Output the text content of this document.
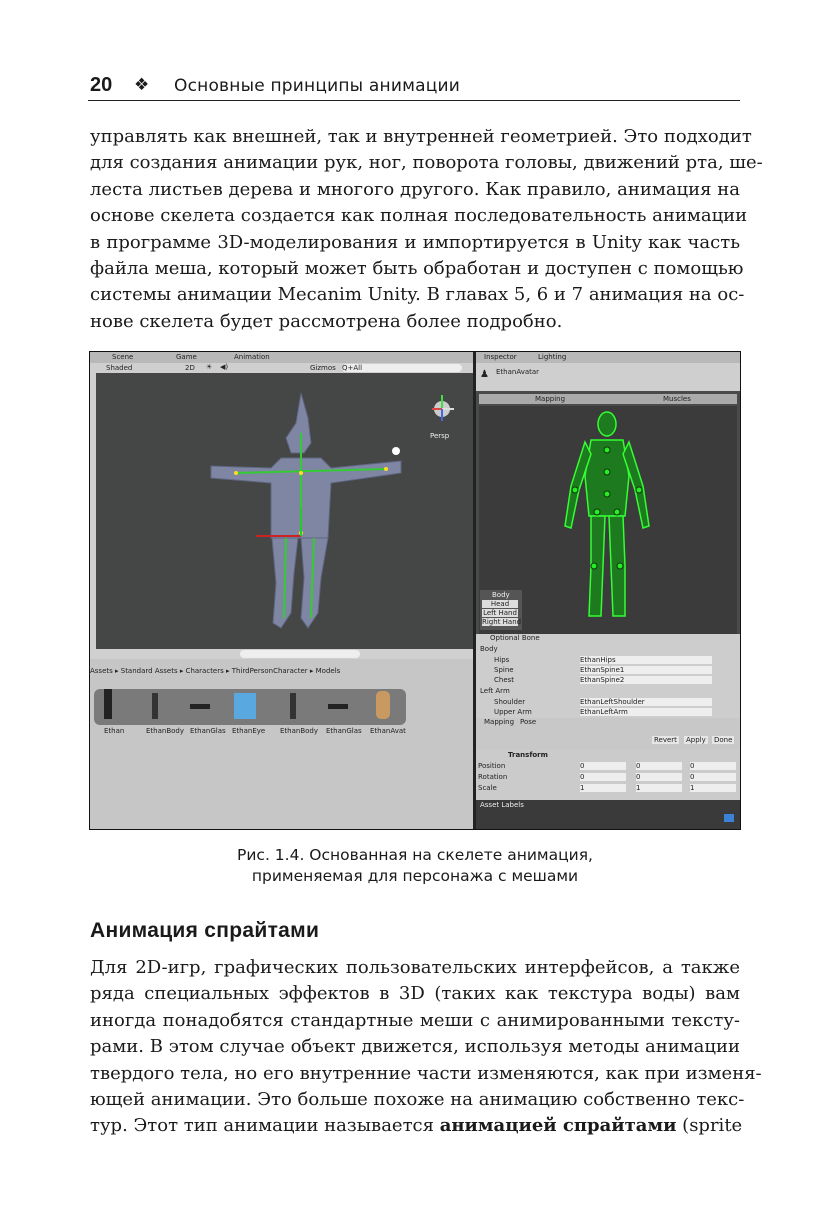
20 ❖ Основные принципы анимации
управлять как внешней, так и внутренней геометрией. Это подходит
для создания анимации рук, ног, поворота головы, движений рта, ше-
леста листьев дерева и многого другого. Как правило, анимация на
основе скелета создается как полная последовательность анимации
в программе 3D-моделирования и импортируется в Unity как часть
файла меша, который может быть обработан и доступен с помощью
системы анимации Mecanim Unity. В главах 5, 6 и 7 анимация на ос-
нове скелета будет рассмотрена более подробно.
Scene	Game	Animation
Shaded	2D ☀ ◀)	Gizmos Q+All
Persp
Assets ▸ Standard Assets ▸ Characters ▸ ThirdPersonCharacter ▸ Models
Ethan	EthanBody EthanGlas EthanEye EthanBody EthanGlas EthanAvat
Inspector	Lighting
♟ EthanAvatar
Mapping	Muscles
Body
Head
Left Hand
Right Hand
Optional Bone
Body
Hips	EthanHips
Spine	EthanSpine1
Chest	EthanSpine2
Left Arm
Shoulder	EthanLeftShoulder
Upper Arm	EthanLeftArm
Mapping Pose
Revert Apply Done
Transform
Position	0	0	0
Rotation	0	0	0
Scale	1	1	1
Asset Labels
Рис. 1.4. Основанная на скелете анимация,
применяемая для персонажа с мешами
Анимация спрайтами
Для 2D-игр, графических пользовательских интерфейсов, а также
ряда специальных эффектов в 3D (таких как текстура воды) вам
иногда понадобятся стандартные меши с анимированными тексту-
рами. В этом случае объект движется, используя методы анимации
твердого тела, но его внутренние части изменяются, как при изменя-
ющей анимации. Это больше похоже на анимацию собственно текс-
тур. Этот тип анимации называется анимацией спрайтами (sprite
